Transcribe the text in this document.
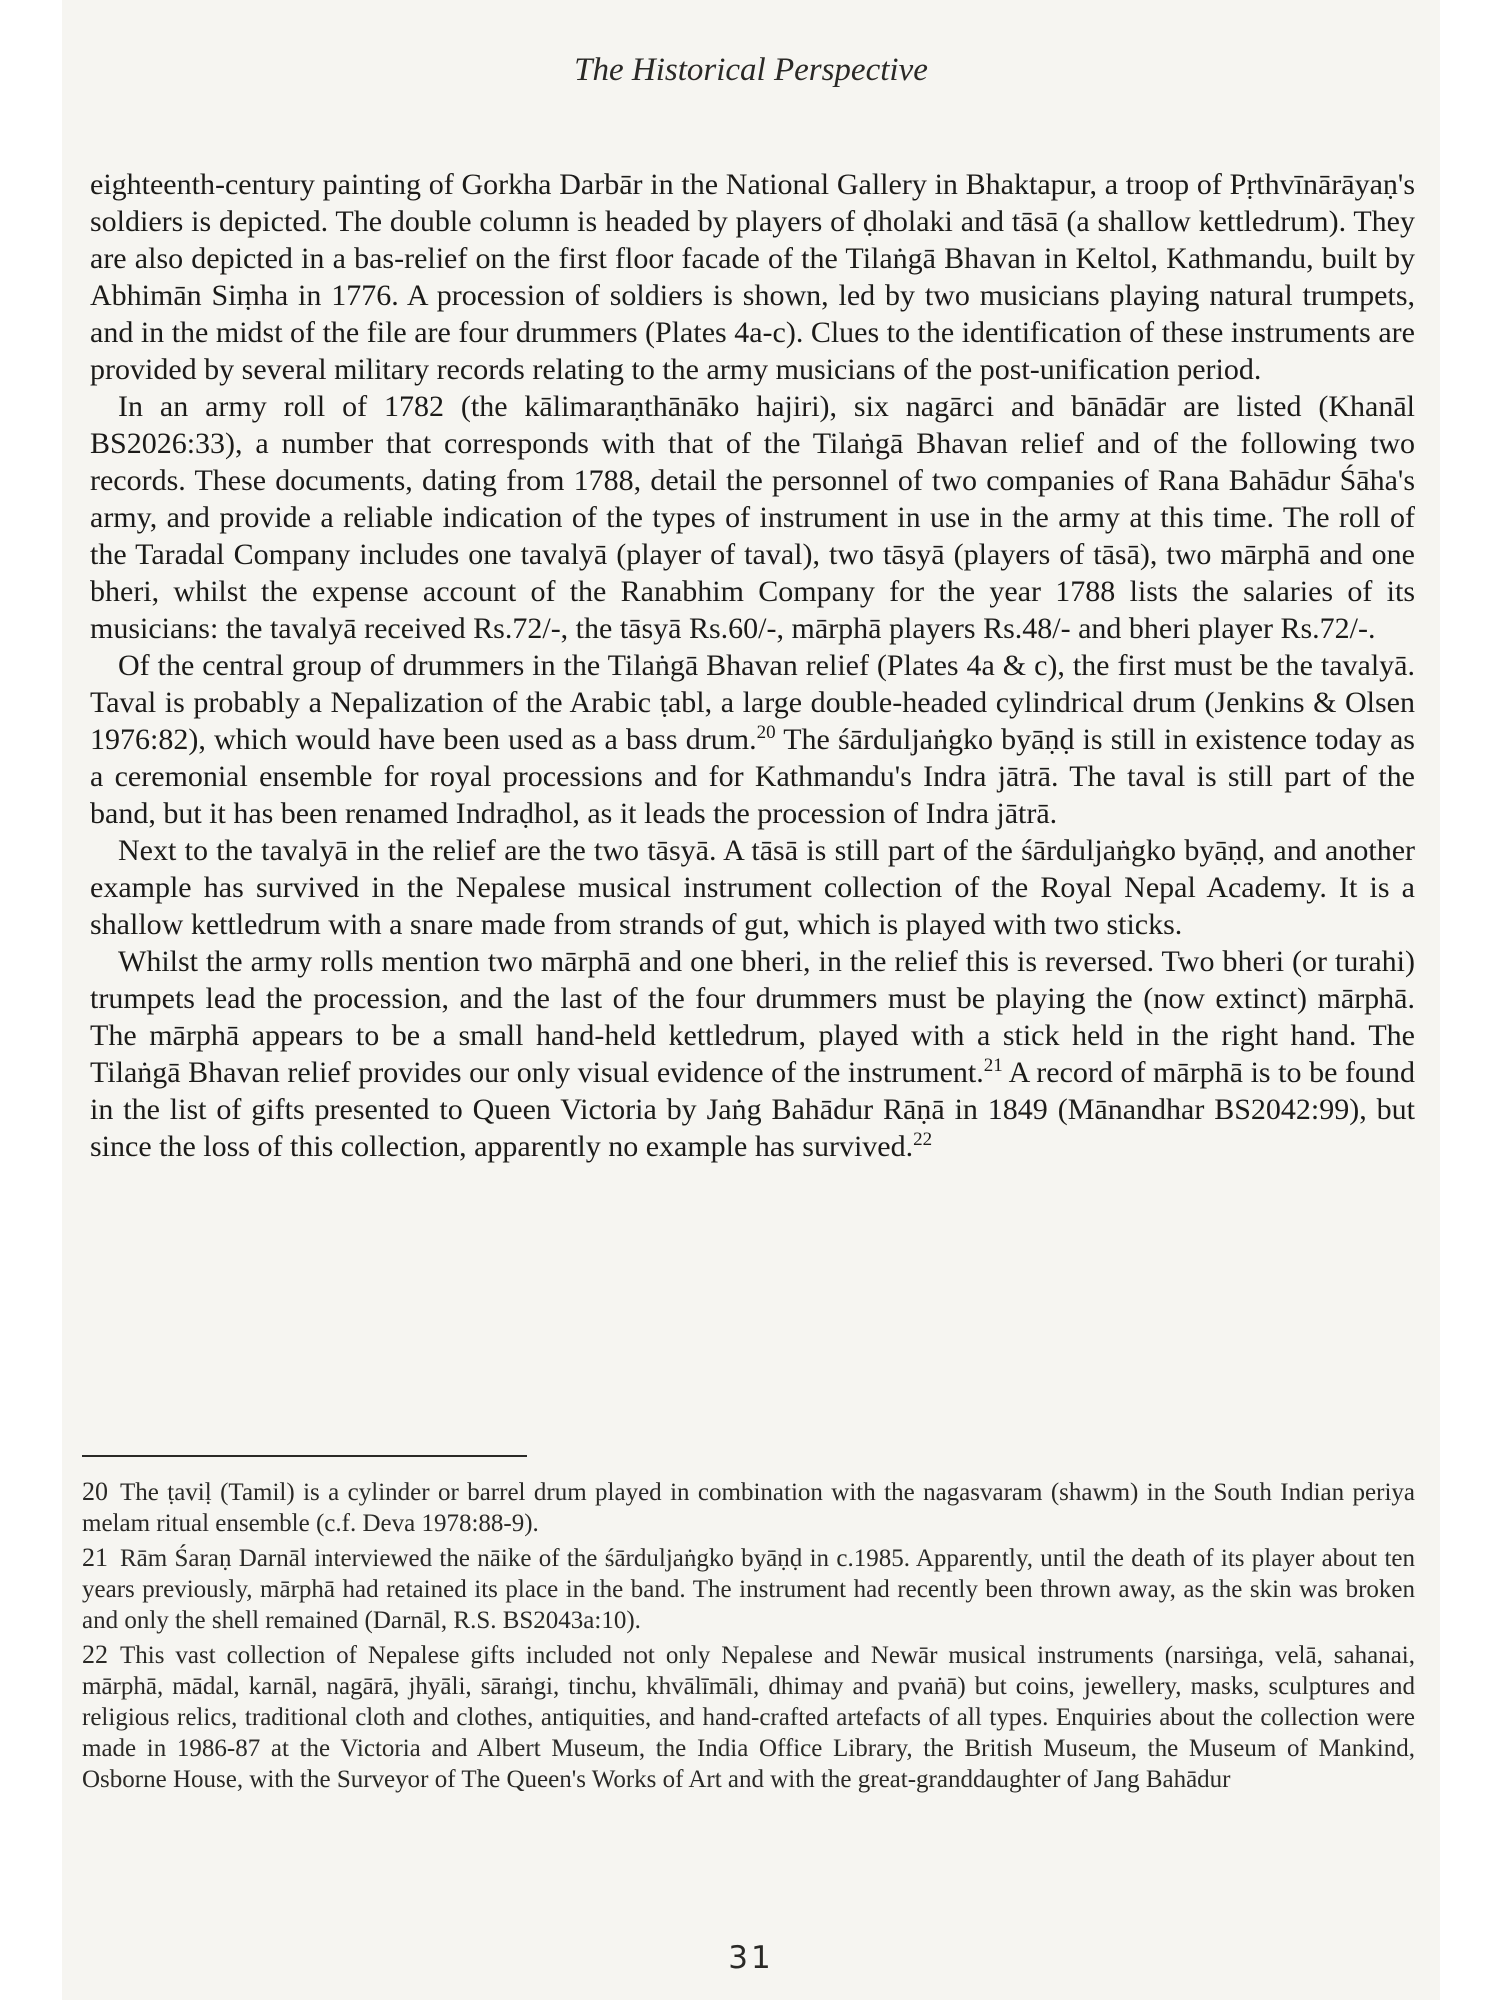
The Historical Perspective

eighteenth-century painting of Gorkha Darbār in the National Gallery in Bhaktapur, a troop of Pṛthvīnārāyaṇ's soldiers is depicted. The double column is headed by players of ḍholaki and tāsā (a shallow kettledrum). They are also depicted in a bas-relief on the first floor facade of the Tilaṅgā Bhavan in Keltol, Kathmandu, built by Abhimān Siṃha in 1776. A procession of soldiers is shown, led by two musicians playing natural trumpets, and in the midst of the file are four drummers (Plates 4a-c). Clues to the identification of these instruments are provided by several military records relating to the army musicians of the post-unification period.

In an army roll of 1782 (the kālimaraṇthānāko hajiri), six nagārci and bānādār are listed (Khanāl BS2026:33), a number that corresponds with that of the Tilaṅgā Bhavan relief and of the following two records. These documents, dating from 1788, detail the personnel of two companies of Rana Bahādur Śāha's army, and provide a reliable indication of the types of instrument in use in the army at this time. The roll of the Taradal Company includes one tavalyā (player of taval), two tāsyā (players of tāsā), two mārphā and one bheri, whilst the expense account of the Ranabhim Company for the year 1788 lists the salaries of its musicians: the tavalyā received Rs.72/-, the tāsyā Rs.60/-, mārphā players Rs.48/- and bheri player Rs.72/-.

Of the central group of drummers in the Tilaṅgā Bhavan relief (Plates 4a & c), the first must be the tavalyā. Taval is probably a Nepalization of the Arabic ṭabl, a large double-headed cylindrical drum (Jenkins & Olsen 1976:82), which would have been used as a bass drum.$^{20}$ The śārduljaṅgko byāṇḍ is still in existence today as a ceremonial ensemble for royal processions and for Kathmandu's Indra jātrā. The taval is still part of the band, but it has been renamed Indraḍhol, as it leads the procession of Indra jātrā.

Next to the tavalyā in the relief are the two tāsyā. A tāsā is still part of the śārduljaṅgko byāṇḍ, and another example has survived in the Nepalese musical instrument collection of the Royal Nepal Academy. It is a shallow kettledrum with a snare made from strands of gut, which is played with two sticks.

Whilst the army rolls mention two mārphā and one bheri, in the relief this is reversed. Two bheri (or turahi) trumpets lead the procession, and the last of the four drummers must be playing the (now extinct) mārphā. The mārphā appears to be a small hand-held kettledrum, played with a stick held in the right hand. The Tilaṅgā Bhavan relief provides our only visual evidence of the instrument.$^{21}$ A record of mārphā is to be found in the list of gifts presented to Queen Victoria by Jaṅg Bahādur Rāṇā in 1849 (Mānandhar BS2042:99), but since the loss of this collection, apparently no example has survived.$^{22}$

20 The ṭaviḷ (Tamil) is a cylinder or barrel drum played in combination with the nagasvaram (shawm) in the South Indian periya melam ritual ensemble (c.f. Deva 1978:88-9).

21 Rām Śaraṇ Darnāl interviewed the nāike of the śārduljaṅgko byāṇḍ in c.1985. Apparently, until the death of its player about ten years previously, mārphā had retained its place in the band. The instrument had recently been thrown away, as the skin was broken and only the shell remained (Darnāl, R.S. BS2043a:10).

22 This vast collection of Nepalese gifts included not only Nepalese and Newār musical instruments (narsiṅga, velā, sahanai, mārphā, mādal, karnāl, nagārā, jhyāli, sāraṅgi, tinchu, khvālīmāli, dhimay and pvaṅā) but coins, jewellery, masks, sculptures and religious relics, traditional cloth and clothes, antiquities, and hand-crafted artefacts of all types. Enquiries about the collection were made in 1986-87 at the Victoria and Albert Museum, the India Office Library, the British Museum, the Museum of Mankind, Osborne House, with the Surveyor of The Queen's Works of Art and with the great-granddaughter of Jang Bahādur

31
